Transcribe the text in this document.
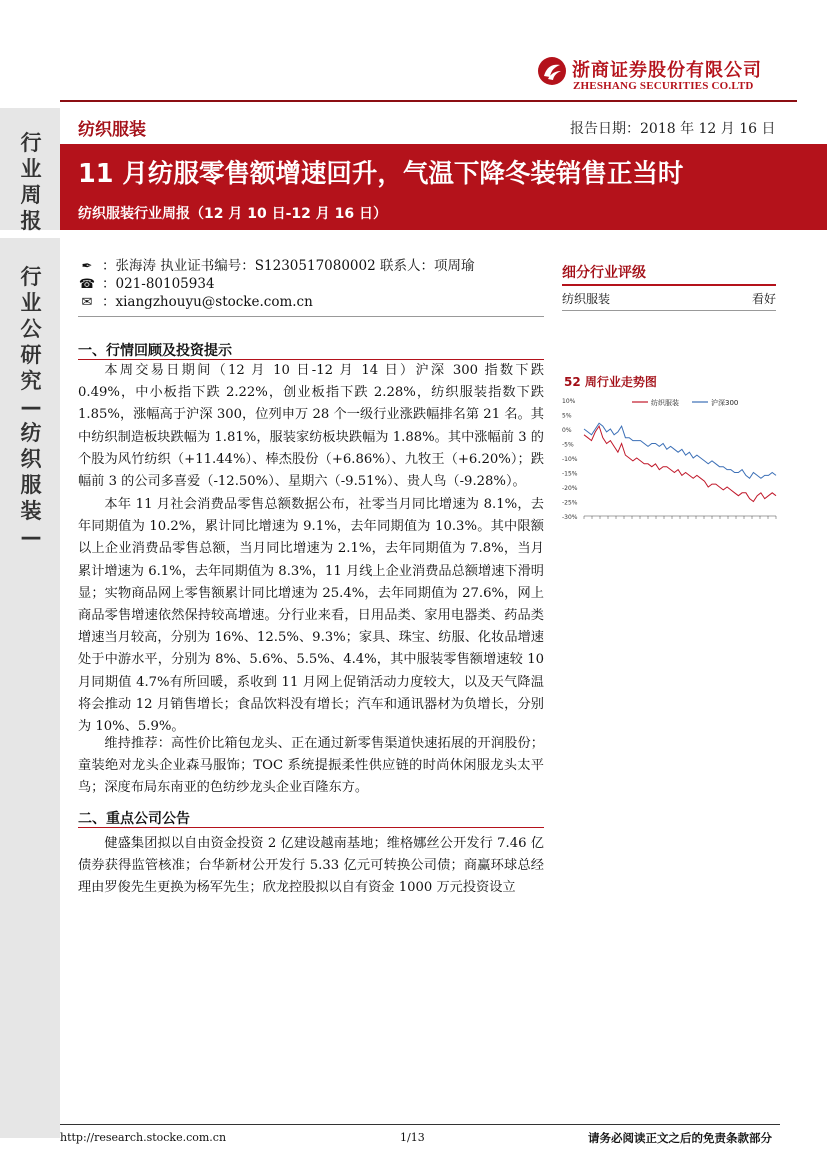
浙商证券股份有限公司
ZHESHANG SECURITIES CO.LTD
行业周报
行业公研究—纺织服装—
纺织服装	报告日期：2018 年 12 月 16 日
11 月纺服零售额增速回升，气温下降冬装销售正当时
纺织服装行业周报（12 月 10 日-12 月 16 日）
✒ ：张海涛 执业证书编号：S1230517080002 联系人：项周瑜
☎ ：021-80105934
✉ ：xiangzhouyu@stocke.com.cn
一、行情回顾及投资提示

本周交易日期间（12 月 10 日-12 月 14 日）沪深 300 指数下跌 0.49%，中小板指下跌 2.22%，创业板指下跌 2.28%，纺织服装指数下跌 1.85%，涨幅高于沪深 300，位列申万 28 个一级行业涨跌幅排名第 21 名。其中纺织制造板块跌幅为 1.81%，服装家纺板块跌幅为 1.88%。其中涨幅前 3 的个股为风竹纺织（+11.44%）、棒杰股份（+6.86%）、九牧王（+6.20%）；跌幅前 3 的公司多喜爱（-12.50%）、星期六（-9.51%）、贵人鸟（-9.28%）。

本年 11 月社会消费品零售总额数据公布，社零当月同比增速为 8.1%，去年同期值为 10.2%，累计同比增速为 9.1%，去年同期值为 10.3%。其中限额以上企业消费品零售总额，当月同比增速为 2.1%，去年同期值为 7.8%，当月累计增速为 6.1%，去年同期值为 8.3%，11 月线上企业消费品总额增速下滑明显；实物商品网上零售额累计同比增速为 25.4%，去年同期值为 27.6%，网上商品零售增速依然保持较高增速。分行业来看，日用品类、家用电器类、药品类增速当月较高，分别为 16%、12.5%、9.3%；家具、珠宝、纺服、化妆品增速处于中游水平，分别为 8%、5.6%、5.5%、4.4%，其中服装零售额增速较 10 月同期值 4.7%有所回暖，系收到 11 月网上促销活动力度较大，以及天气降温将会推动 12 月销售增长；食品饮料没有增长；汽车和通讯器材为负增长，分别为 10%、5.9%。

维持推荐：高性价比箱包龙头、正在通过新零售渠道快速拓展的开润股份；童装绝对龙头企业森马服饰；TOC 系统提振柔性供应链的时尚休闲服龙头太平鸟；深度布局东南亚的色纺纱龙头企业百隆东方。

二、重点公司公告

健盛集团拟以自由资金投资 2 亿建设越南基地；维格娜丝公开发行 7.46 亿债券获得监管核准；台华新材公开发行 5.33 亿元可转换公司债；商赢环球总经理由罗俊先生更换为杨军先生；欣龙控股拟以自有资金 1000 万元投资设立

细分行业评级
纺织服装	看好
52 周行业走势图
10%
5%
0%
-5%
-10%
-15%
-20%
-25%
-30%
纺织服装	沪深300
http://research.stocke.com.cn	1/13	请务必阅读正文之后的免责条款部分
